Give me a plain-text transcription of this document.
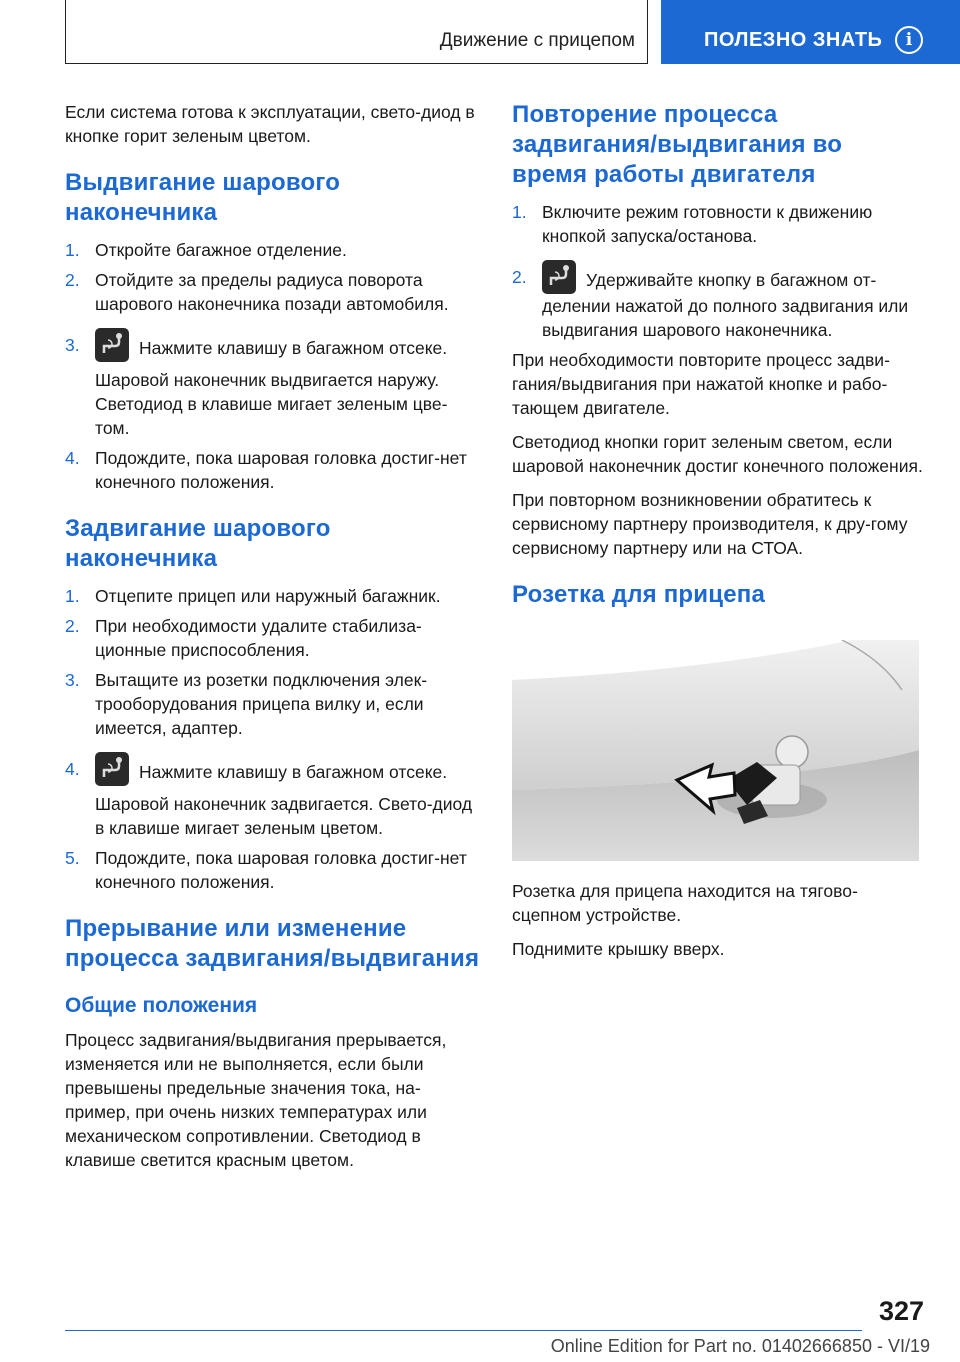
Движение с прицепом	ПОЛЕЗНО ЗНАТЬ	i

Если система готова к эксплуатации, свето-диод в кнопке горит зеленым цветом.

Выдвигание шарового наконечника
1. Откройте багажное отделение.
2. Отойдите за пределы радиуса поворота шарового наконечника позади автомобиля.
3.	Нажмите клавишу в багажном отсеке.
Шаровой наконечник выдвигается наружу. Светодиод в клавише мигает зеленым цве-том.
4. Подождите, пока шаровая головка достиг-нет конечного положения.
Задвигание шарового наконечника
1. Отцепите прицеп или наружный багажник.
2. При необходимости удалите стабилиза-ционные приспособления.
3. Вытащите из розетки подключения элек-трооборудования прицепа вилку и, если имеется, адаптер.
4.	Нажмите клавишу в багажном отсеке.
Шаровой наконечник задвигается. Свето-диод в клавише мигает зеленым цветом.
5. Подождите, пока шаровая головка достиг-нет конечного положения.
Прерывание или изменение процесса задвигания/выдвигания
Общие положения

Процесс задвигания/выдвигания прерывается, изменяется или не выполняется, если были превышены предельные значения тока, на-пример, при очень низких температурах или механическом сопротивлении. Светодиод в клавише светится красным цветом.

Повторение процесса задвигания/выдвигания во время работы двигателя
1. Включите режим готовности к движению кнопкой запуска/останова.
2.	Удерживайте кнопку в багажном от-делении нажатой до полного задвигания или выдвигания шарового наконечника.

При необходимости повторите процесс задви-гания/выдвигания при нажатой кнопке и рабо-тающем двигателе.

Светодиод кнопки горит зеленым светом, если шаровой наконечник достиг конечного положения.

При повторном возникновении обратитесь к сервисному партнеру производителя, к дру-гому сервисному партнеру или на СТОА.

Розетка для прицепа

Розетка для прицепа находится на тягово-сцепном устройстве.

Поднимите крышку вверх.

327
Online Edition for Part no. 01402666850 - VI/19
